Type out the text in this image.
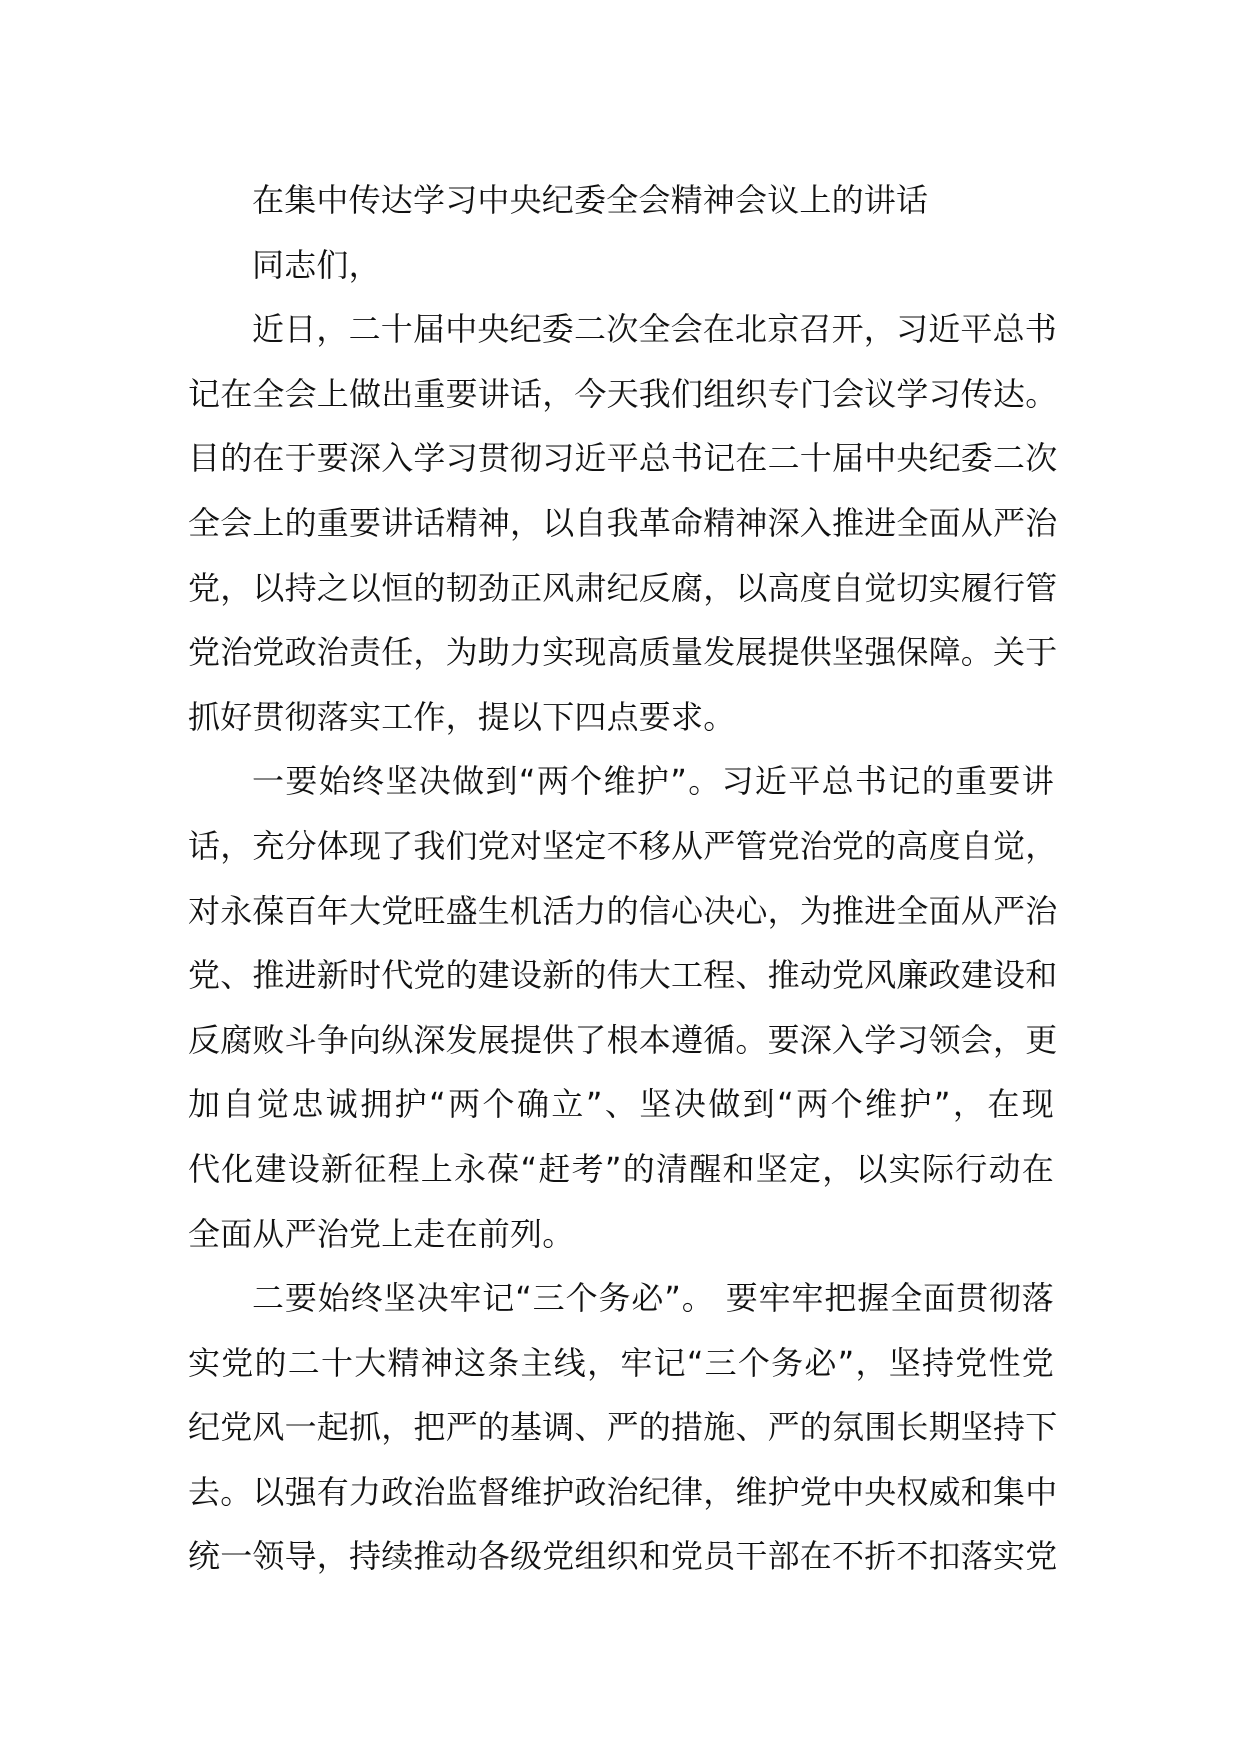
在集中传达学习中央纪委全会精神会议上的讲话
同志们，
近日，二十届中央纪委二次全会在北京召开，习近平总书
记在全会上做出重要讲话，今天我们组织专门会议学习传达。
目的在于要深入学习贯彻习近平总书记在二十届中央纪委二次
全会上的重要讲话精神，以自我革命精神深入推进全面从严治
党，以持之以恒的韧劲正风肃纪反腐，以高度自觉切实履行管
党治党政治责任，为助力实现高质量发展提供坚强保障。关于
抓好贯彻落实工作，提以下四点要求。
一要始终坚决做到“两个维护”。习近平总书记的重要讲
话，充分体现了我们党对坚定不移从严管党治党的高度自觉，
对永葆百年大党旺盛生机活力的信心决心，为推进全面从严治
党、推进新时代党的建设新的伟大工程、推动党风廉政建设和
反腐败斗争向纵深发展提供了根本遵循。要深入学习领会，更
加自觉忠诚拥护“两个确立”、坚决做到“两个维护”，在现
代化建设新征程上永葆“赶考”的清醒和坚定，以实际行动在
全面从严治党上走在前列。
二要始终坚决牢记“三个务必”。 要牢牢把握全面贯彻落
实党的二十大精神这条主线，牢记“三个务必”，坚持党性党
纪党风一起抓，把严的基调、严的措施、严的氛围长期坚持下
去。以强有力政治监督维护政治纪律，维护党中央权威和集中
统一领导，持续推动各级党组织和党员干部在不折不扣落实党
